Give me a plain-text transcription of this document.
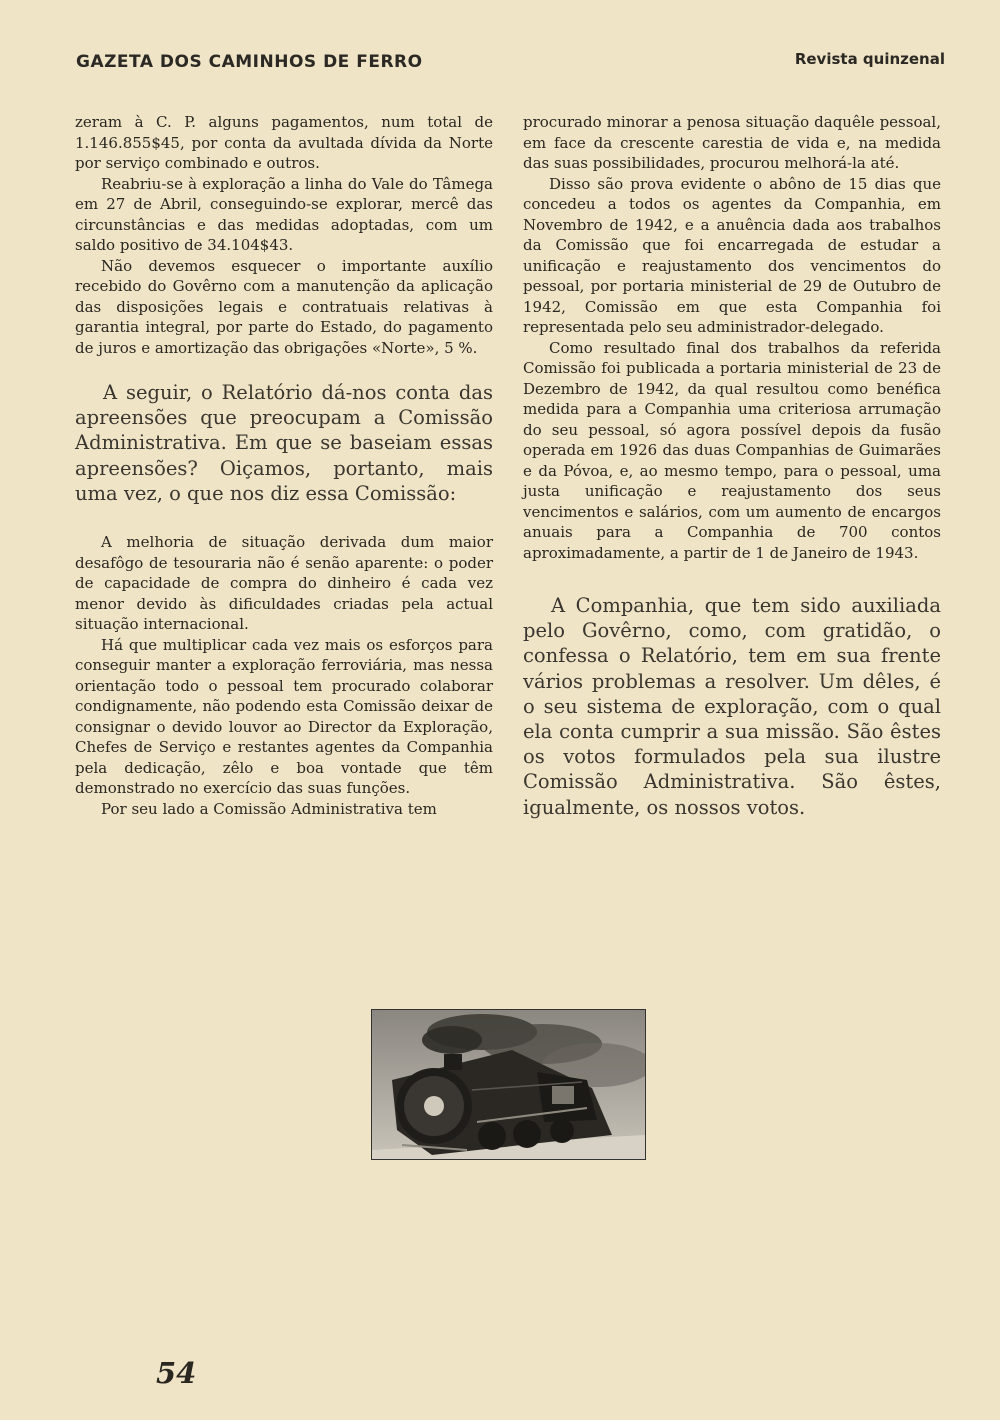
GAZETA DOS CAMINHOS DE FERRO	Revista quinzenal

zeram à C. P. alguns pagamentos, num total de 1.146.855$45, por conta da avultada dívida da Norte por serviço combinado e outros.

Reabriu-se à exploração a linha do Vale do Tâmega em 27 de Abril, conseguindo-se explorar, mercê das circunstâncias e das medidas adoptadas, com um saldo positivo de 34.104$43.

Não devemos esquecer o importante auxílio recebido do Govêrno com a manutenção da aplicação das disposições legais e contratuais relativas à garantia integral, por parte do Estado, do pagamento de juros e amortização das obrigações «Norte», 5 %.

A seguir, o Relatório dá-nos conta das apreensões que preocupam a Comissão Administrativa. Em que se baseiam essas apreensões? Oiçamos, portanto, mais uma vez, o que nos diz essa Comissão:

A melhoria de situação derivada dum maior desafôgo de tesouraria não é senão aparente: o poder de capacidade de compra do dinheiro é cada vez menor devido às dificuldades criadas pela actual situação internacional.

Há que multiplicar cada vez mais os esforços para conseguir manter a exploração ferroviária, mas nessa orientação todo o pessoal tem procurado colaborar condignamente, não podendo esta Comissão deixar de consignar o devido louvor ao Director da Exploração, Chefes de Serviço e restantes agentes da Companhia pela dedicação, zêlo e boa vontade que têm demonstrado no exercício das suas funções.

Por seu lado a Comissão Administrativa tem

procurado minorar a penosa situação daquêle pessoal, em face da crescente carestia de vida e, na medida das suas possibilidades, procurou melhorá-la até.

Disso são prova evidente o abôno de 15 dias que concedeu a todos os agentes da Companhia, em Novembro de 1942, e a anuência dada aos trabalhos da Comissão que foi encarregada de estudar a unificação e reajustamento dos vencimentos do pessoal, por portaria ministerial de 29 de Outubro de 1942, Comissão em que esta Companhia foi representada pelo seu administrador-delegado.

Como resultado final dos trabalhos da referida Comissão foi publicada a portaria ministerial de 23 de Dezembro de 1942, da qual resultou como benéfica medida para a Companhia uma criteriosa arrumação do seu pessoal, só agora possível depois da fusão operada em 1926 das duas Companhias de Guimarães e da Póvoa, e, ao mesmo tempo, para o pessoal, uma justa unificação e reajustamento dos seus vencimentos e salários, com um aumento de encargos anuais para a Companhia de 700 contos aproximadamente, a partir de 1 de Janeiro de 1943.

A Companhia, que tem sido auxiliada pelo Govêrno, como, com gratidão, o confessa o Relatório, tem em sua frente vários problemas a resolver. Um dêles, é o seu sistema de exploração, com o qual ela conta cumprir a sua missão. São êstes os votos formulados pela sua ilustre Comissão Administrativa. São êstes, igualmente, os nossos votos.

54
